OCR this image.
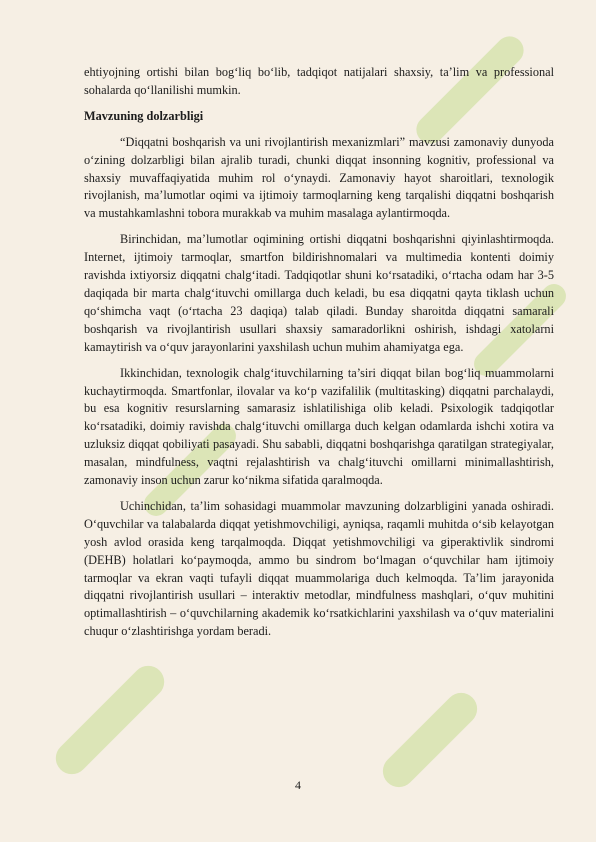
ehtiyojning ortishi bilan bog‘liq bo‘lib, tadqiqot natijalari shaxsiy, ta’lim va professional sohalarda qo‘llanilishi mumkin.

Mavzuning dolzarbligi

“Diqqatni boshqarish va uni rivojlantirish mexanizmlari” mavzusi zamonaviy dunyoda o‘zining dolzarbligi bilan ajralib turadi, chunki diqqat insonning kognitiv, professional va shaxsiy muvaffaqiyatida muhim rol o‘ynaydi. Zamonaviy hayot sharoitlari, texnologik rivojlanish, ma’lumotlar oqimi va ijtimoiy tarmoqlarning keng tarqalishi diqqatni boshqarish va mustahkamlashni tobora murakkab va muhim masalaga aylantirmoqda.

Birinchidan, ma’lumotlar oqimining ortishi diqqatni boshqarishni qiyinlashtirmoqda. Internet, ijtimoiy tarmoqlar, smartfon bildirishnomalari va multimedia kontenti doimiy ravishda ixtiyorsiz diqqatni chalg‘itadi. Tadqiqotlar shuni ko‘rsatadiki, o‘rtacha odam har 3-5 daqiqada bir marta chalg‘ituvchi omillarga duch keladi, bu esa diqqatni qayta tiklash uchun qo‘shimcha vaqt (o‘rtacha 23 daqiqa) talab qiladi. Bunday sharoitda diqqatni samarali boshqarish va rivojlantirish usullari shaxsiy samaradorlikni oshirish, ishdagi xatolarni kamaytirish va o‘quv jarayonlarini yaxshilash uchun muhim ahamiyatga ega.

Ikkinchidan, texnologik chalg‘ituvchilarning ta’siri diqqat bilan bog‘liq muammolarni kuchaytirmoqda. Smartfonlar, ilovalar va ko‘p vazifalilik (multitasking) diqqatni parchalaydi, bu esa kognitiv resurslarning samarasiz ishlatilishiga olib keladi. Psixologik tadqiqotlar ko‘rsatadiki, doimiy ravishda chalg‘ituvchi omillarga duch kelgan odamlarda ishchi xotira va uzluksiz diqqat qobiliyati pasayadi. Shu sababli, diqqatni boshqarishga qaratilgan strategiyalar, masalan, mindfulness, vaqtni rejalashtirish va chalg‘ituvchi omillarni minimallashtirish, zamonaviy inson uchun zarur ko‘nikma sifatida qaralmoqda.

Uchinchidan, ta’lim sohasidagi muammolar mavzuning dolzarbligini yanada oshiradi. O‘quvchilar va talabalarda diqqat yetishmovchiligi, ayniqsa, raqamli muhitda o‘sib kelayotgan yosh avlod orasida keng tarqalmoqda. Diqqat yetishmovchiligi va giperaktivlik sindromi (DEHB) holatlari ko‘paymoqda, ammo bu sindrom bo‘lmagan o‘quvchilar ham ijtimoiy tarmoqlar va ekran vaqti tufayli diqqat muammolariga duch kelmoqda. Ta’lim jarayonida diqqatni rivojlantirish usullari – interaktiv metodlar, mindfulness mashqlari, o‘quv muhitini optimallashtirish – o‘quvchilarning akademik ko‘rsatkichlarini yaxshilash va o‘quv materialini chuqur o‘zlashtirishga yordam beradi.

4
